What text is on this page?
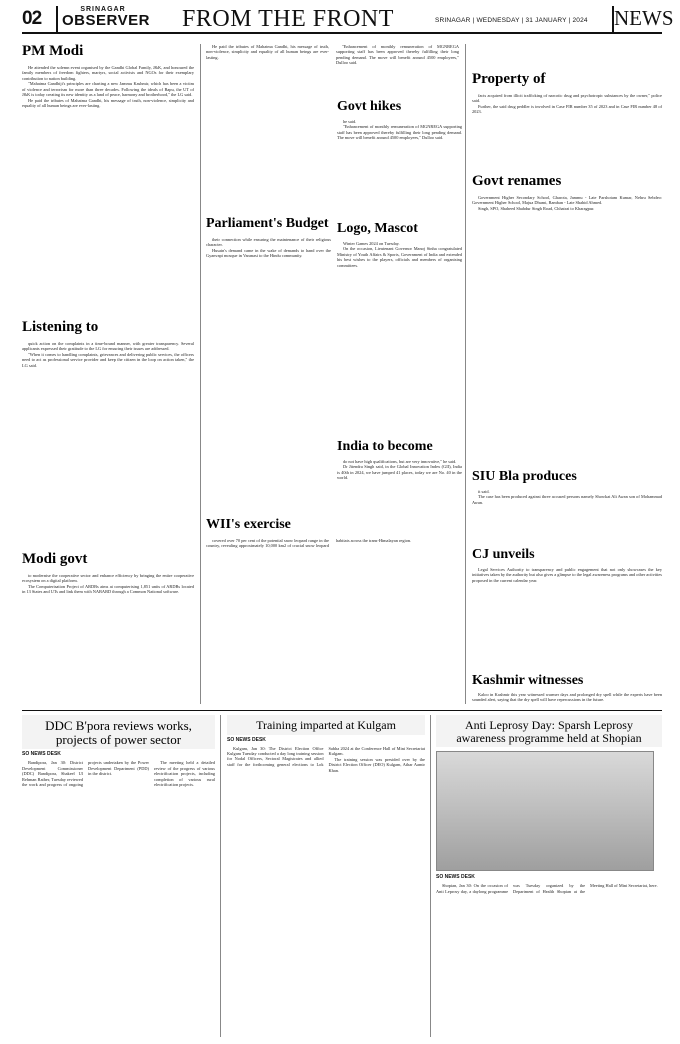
02	SRINAGAR
OBSERVER FROM THE FRONT	SRINAGAR | WEDNESDAY | 31 JANUARY | 2024 NEWS
PM Modi

He attended the solemn event organised by the Gandhi Global Family, J&K, and honoured the family members of freedom fighters, martyrs, social activists and NGOs for their exemplary contribution to nation building.

"Mahatma Gandhiji's principles are charting a new Jammu Kashmir, which has been a victim of violence and terrorism for more than three decades. Following the ideals of Bapu, the UT of J&K is today creating its new identity as a land of peace, harmony and brotherhood," the LG said.

He paid the tributes of Mahatma Gandhi, his message of truth, non-violence, simplicity and equality of all human beings are ever-lasting.

Listening to

quick action on the complaints in a time-bound manner, with greater transparency. Several applicants expressed their gratitude to the LG for ensuring their issues are addressed.

"When it comes to handling complaints, grievances and delivering public services, the officers need to act as professional service provider and keep the citizen in the loop on action taken," the LG said.

Modi govt

to modernise the cooperative sector and enhance efficiency by bringing the entire cooperative ecosystem on a digital platform.

The Computerisation Project of ARDBs aims at computerising 1,851 units of ARDBs located in 13 States and UTs and link them with NABARD through a Common National software.

He paid the tributes of Mahatma Gandhi, his message of truth, non-violence, simplicity and equality of all human beings are ever-lasting.

"Enhancement of monthly remuneration of MGNREGA supporting staff has been approved thereby fulfilling their long pending demand. The move will benefit around 4500 employees," Dulloo said.

Parliament's Budget

their connection while ensuring the maintenance of their religious character.

Husain's demand came in the wake of demands to hand over the Gyanvapi mosque in Varanasi to the Hindu community.

WII's exercise

covered over 70 per cent of the potential snow leopard range in the country, revealing approximately 10,000 km2 of crucial snow leopard habitats across the trans-Himalayan region.

Govt hikes

he said.

"Enhancement of monthly remuneration of MGNREGA supporting staff has been approved thereby fulfilling their long pending demand. The move will benefit around 4500 employees," Dulloo said.

Logo, Mascot

Winter Games 2024 on Tuesday.

On the occasion, Lieutenant Governor Manoj Sinha congratulated Ministry of Youth Affairs & Sports, Government of India and extended his best wishes to the players, officials and members of organising committees.

India to become

do not have high qualifications, but are very innovative," he said.

Dr Jitendra Singh said, in the Global Innovation Index (GII), India is 40th in 2024, we have jumped 41 places, today we are No. 40 in the world.

Property of

facts acquired from illicit trafficking of narcotic drug and psychotropic substances by the owner," police said.

Further, the said drug peddler is involved in Case FIR number 35 of 2023 and in Case FIR number 48 of 2023.

Govt renames

Government Higher Secondary School, Gharota, Jammu - Late Parshotam Kumar, Nehru Sebdeo: Government Higher School, Majua Dhumi, Ramban - Late Shahid Ahmed.

Singh, SPO, Shaheed Shahdur Singh Road, Chhatrai to Kharagpur.

SIU Bla produces

it said.

The case has been produced against three accused persons namely Showkat Ali Awan son of Mohammad Awan.

CJ unveils

Legal Services Authority to transparency and public engagement that not only showcases the key initiatives taken by the authority but also gives a glimpse to the legal awareness programs and other activities proposed in the current calendar year.

Kashmir witnesses

Kaloo in Kashmir this year witnessed warmer days and prolonged dry spell while the experts have been sounded alert, saying that the dry spell will have repercussions in the future.

DDC B'pora reviews works, projects of power sector
SO NEWS DESK

Bandipora, Jan 30: District Development Commissioner (DDC) Bandipora, Shakeel Ul Rehman Rather, Tuesday reviewed the work and progress of ongoing projects undertaken by the Power Development Department (PDD) in the district.

The meeting held a detailed review of the progress of various electrification projects, including completion of various rural electrification projects.

Training imparted at Kulgam
SO NEWS DESK

Kulgam, Jan 30: The District Election Office Kulgam Tuesday conducted a day long training session for Nodal Officers, Sectoral Magistrates and allied staff for the forthcoming general elections to Lok Sabha 2024 at the Conference Hall of Mini Secretariat Kulgam.

The training session was presided over by the District Election Officer (DEO) Kulgam, Athar Aamir Khan.

Anti Leprosy Day: Sparsh Leprosy awareness programme held at Shopian
SO NEWS DESK

Shopian, Jan 30: On the occasion of Anti Leprosy day, a daylong programme was Tuesday organized by the Department of Health Shopian at the Meeting Hall of Mini Secretariat, here.
